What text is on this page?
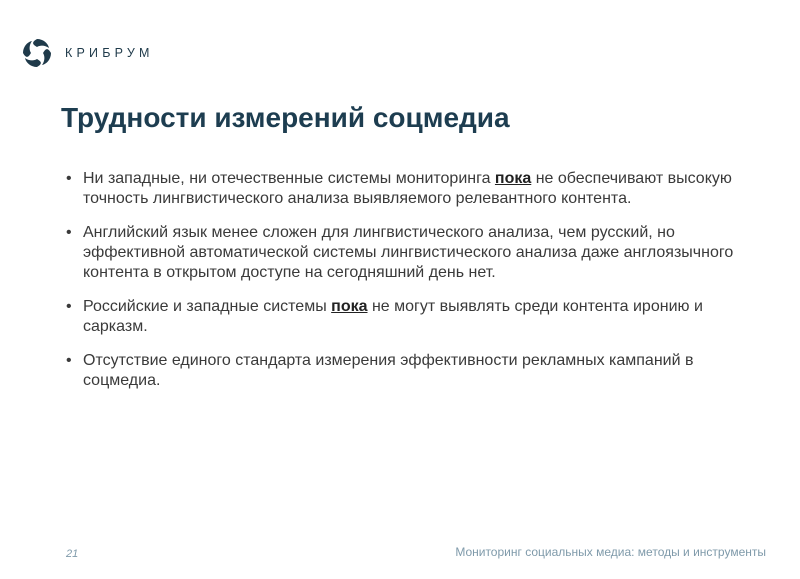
КРИБРУМ
Трудности измерений соцмедиа
• Ни западные, ни отечественные системы мониторинга пока не обеспечивают высокую точность лингвистического анализа выявляемого релевантного контента.
• Английский язык менее сложен для лингвистического анализа, чем русский, но эффективной автоматической системы лингвистического анализа даже англоязычного контента в открытом доступе на сегодняшний день нет.
• Российские и западные системы пока не могут выявлять среди контента иронию и сарказм.
• Отсутствие единого стандарта измерения эффективности рекламных кампаний в соцмедиа.
21	Мониторинг социальных медиа: методы и инструменты
